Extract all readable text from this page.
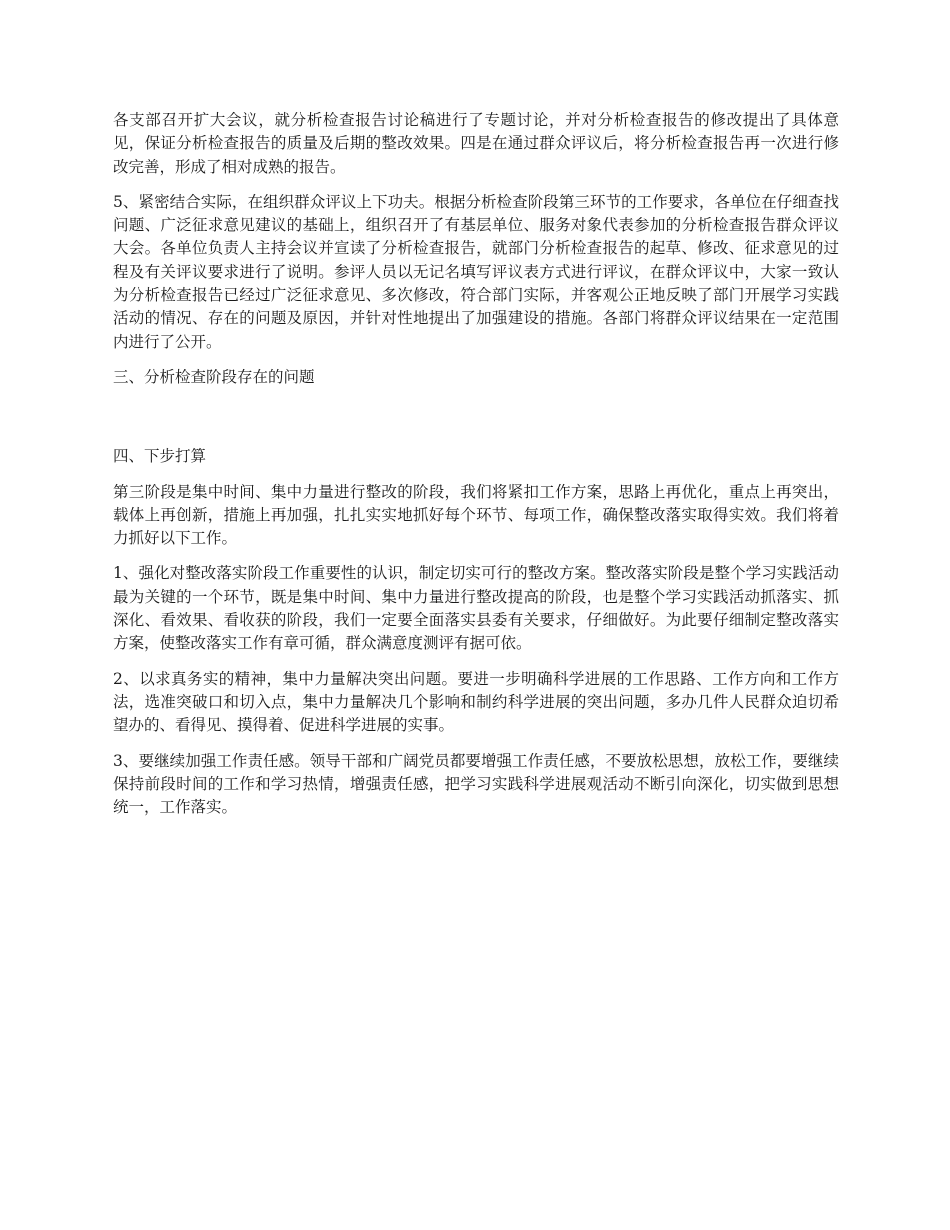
各支部召开扩大会议，就分析检查报告讨论稿进行了专题讨论，并对分析检查报告的修改提出了具体意见，保证分析检查报告的质量及后期的整改效果。四是在通过群众评议后，将分析检查报告再一次进行修改完善，形成了相对成熟的报告。

5、紧密结合实际，在组织群众评议上下功夫。根据分析检查阶段第三环节的工作要求，各单位在仔细查找问题、广泛征求意见建议的基础上，组织召开了有基层单位、服务对象代表参加的分析检查报告群众评议大会。各单位负责人主持会议并宣读了分析检查报告，就部门分析检查报告的起草、修改、征求意见的过程及有关评议要求进行了说明。参评人员以无记名填写评议表方式进行评议，在群众评议中，大家一致认为分析检查报告已经过广泛征求意见、多次修改，符合部门实际，并客观公正地反映了部门开展学习实践活动的情况、存在的问题及原因，并针对性地提出了加强建设的措施。各部门将群众评议结果在一定范围内进行了公开。

三、分析检查阶段存在的问题

四、下步打算

第三阶段是集中时间、集中力量进行整改的阶段，我们将紧扣工作方案，思路上再优化，重点上再突出，载体上再创新，措施上再加强，扎扎实实地抓好每个环节、每项工作，确保整改落实取得实效。我们将着力抓好以下工作。

1、强化对整改落实阶段工作重要性的认识，制定切实可行的整改方案。整改落实阶段是整个学习实践活动最为关键的一个环节，既是集中时间、集中力量进行整改提高的阶段，也是整个学习实践活动抓落实、抓深化、看效果、看收获的阶段，我们一定要全面落实县委有关要求，仔细做好。为此要仔细制定整改落实方案，使整改落实工作有章可循，群众满意度测评有据可依。

2、以求真务实的精神，集中力量解决突出问题。要进一步明确科学进展的工作思路、工作方向和工作方法，选准突破口和切入点，集中力量解决几个影响和制约科学进展的突出问题，多办几件人民群众迫切希望办的、看得见、摸得着、促进科学进展的实事。

3、要继续加强工作责任感。领导干部和广阔党员都要增强工作责任感，不要放松思想，放松工作，要继续保持前段时间的工作和学习热情，增强责任感，把学习实践科学进展观活动不断引向深化，切实做到思想统一，工作落实。
